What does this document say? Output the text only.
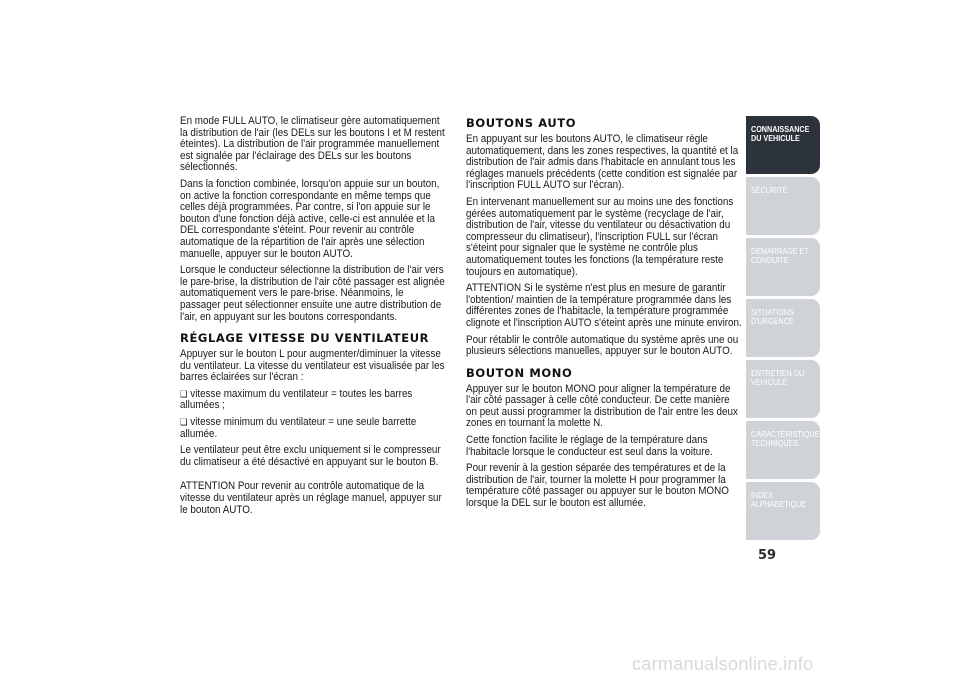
En mode FULL AUTO, le climatiseur gère automatiquement la distribution de l'air (les DELs sur les boutons I et M restent éteintes). La distribution de l'air programmée manuellement est signalée par l'éclairage des DELs sur les boutons sélectionnés.

Dans la fonction combinée, lorsqu'on appuie sur un bouton, on active la fonction correspondante en même temps que celles déjà programmées. Par contre, si l'on appuie sur le bouton d'une fonction déjà active, celle-ci est annulée et la DEL correspondante s'éteint. Pour revenir au contrôle automatique de la répartition de l'air après une sélection manuelle, appuyer sur le bouton AUTO.

Lorsque le conducteur sélectionne la distribution de l'air vers le pare-brise, la distribution de l'air côté passager est alignée automatiquement vers le pare-brise. Néanmoins, le passager peut sélectionner ensuite une autre distribution de l'air, en appuyant sur les boutons correspondants.

RÉGLAGE VITESSE DU VENTILATEUR

Appuyer sur le bouton L pour augmenter/diminuer la vitesse du ventilateur. La vitesse du ventilateur est visualisée par les barres éclairées sur l'écran :

❑ vitesse maximum du ventilateur = toutes les barres allumées ;

❑ vitesse minimum du ventilateur = une seule barrette allumée.

Le ventilateur peut être exclu uniquement si le compresseur du climatiseur a été désactivé en appuyant sur le bouton B.

ATTENTION Pour revenir au contrôle automatique de la vitesse du ventilateur après un réglage manuel, appuyer sur le bouton AUTO.

BOUTONS AUTO

En appuyant sur les boutons AUTO, le climatiseur règle automatiquement, dans les zones respectives, la quantité et la distribution de l'air admis dans l'habitacle en annulant tous les réglages manuels précédents (cette condition est signalée par l'inscription FULL AUTO sur l'écran).

En intervenant manuellement sur au moins une des fonctions gérées automatiquement par le système (recyclage de l'air, distribution de l'air, vitesse du ventilateur ou désactivation du compresseur du climatiseur), l'inscription FULL sur l'écran s'éteint pour signaler que le système ne contrôle plus automatiquement toutes les fonctions (la température reste toujours en automatique).

ATTENTION Si le système n'est plus en mesure de garantir l'obtention/ maintien de la température programmée dans les différentes zones de l'habitacle, la température programmée clignote et l'inscription AUTO s'éteint après une minute environ.

Pour rétablir le contrôle automatique du système après une ou plusieurs sélections manuelles, appuyer sur le bouton AUTO.

BOUTON MONO

Appuyer sur le bouton MONO pour aligner la température de l'air côté passager à celle côté conducteur. De cette manière on peut aussi programmer la distribution de l'air entre les deux zones en tournant la molette N.

Cette fonction facilite le réglage de la température dans l'habitacle lorsque le conducteur est seul dans la voiture.

Pour revenir à la gestion séparée des températures et de la distribution de l'air, tourner la molette H pour programmer la température côté passager ou appuyer sur le bouton MONO lorsque la DEL sur le bouton est allumée.

CONNAISSANCE
DU VEHICULE
SÉCURITÉ
DÉMARRAGE ET
CONDUITE
SITUATIONS
D'URGENCE
ENTRETIEN DU
VEHICULE
CARACTÉRISTIQUES
TECHNIQUES
INDEX
ALPHABETIQUE
59
carmanualsonline.info
